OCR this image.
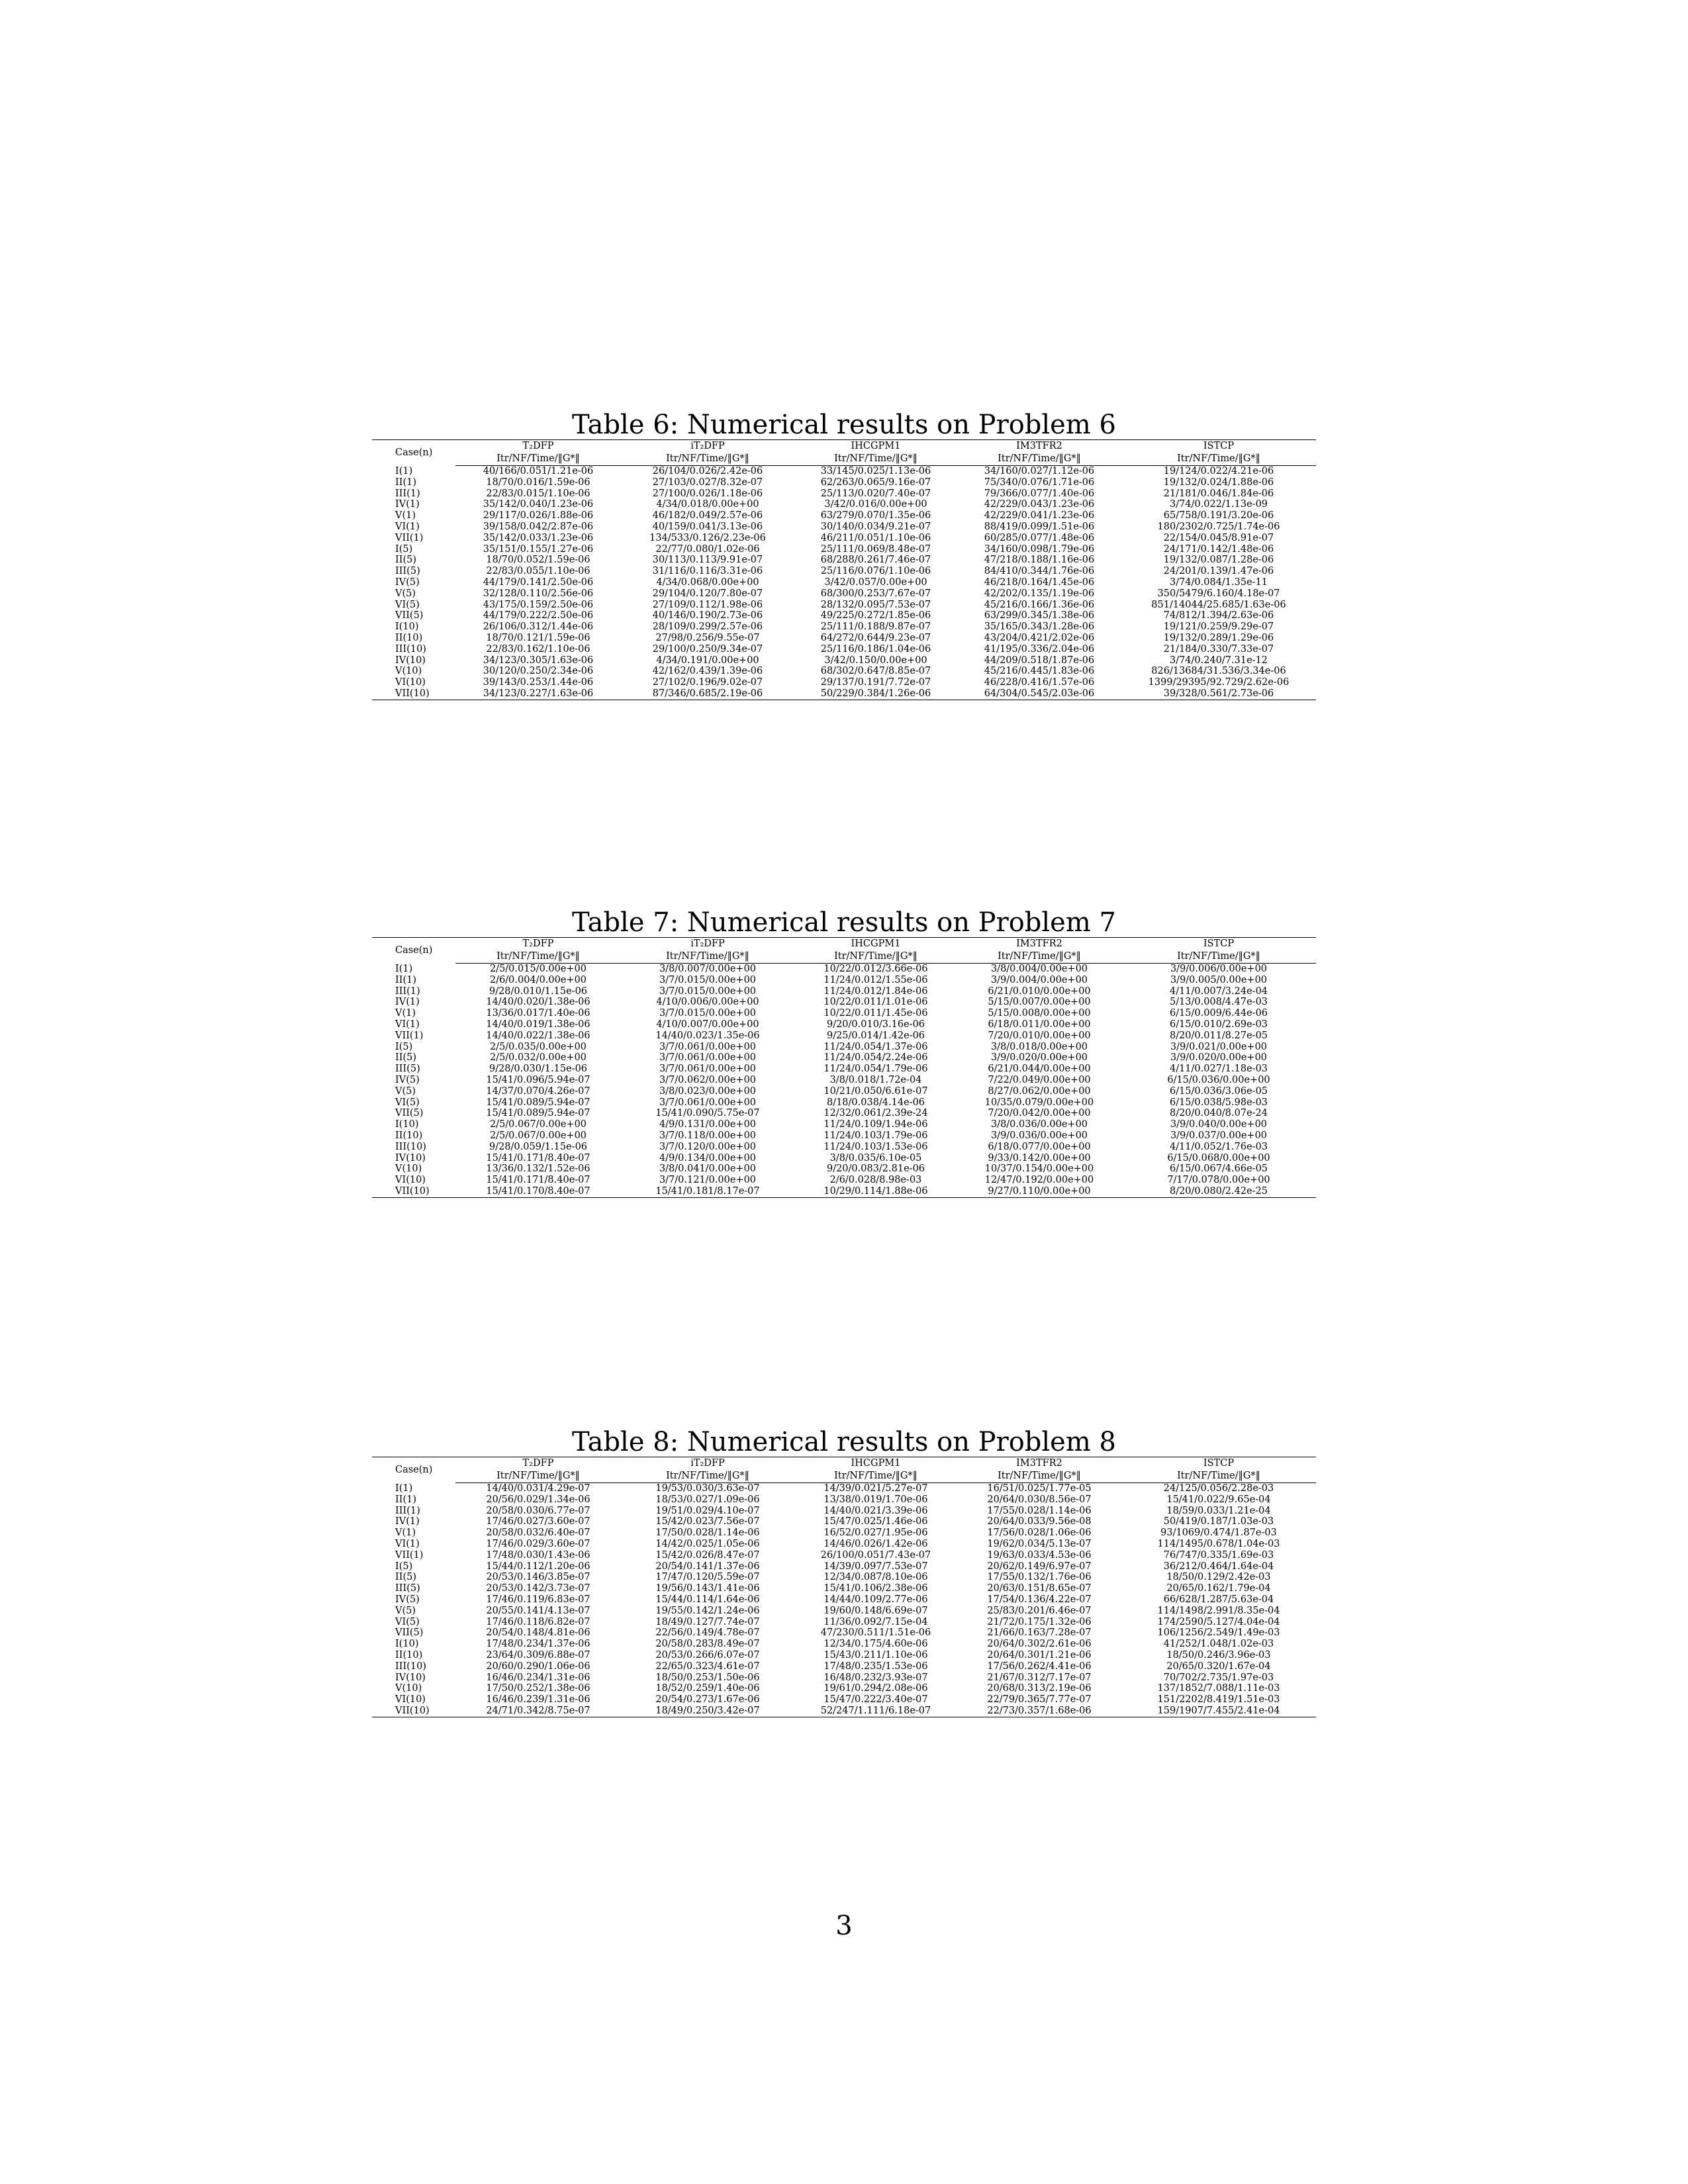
Table 6: Numerical results on Problem 6
Case(n)	T₂DFP	iT₂DFP	IHCGPM1	IM3TFR2	ISTCP
	Itr/NF/Time/‖G*‖	Itr/NF/Time/‖G*‖	Itr/NF/Time/‖G*‖	Itr/NF/Time/‖G*‖	Itr/NF/Time/‖G*‖
I(1)	40/166/0.051/1.21e-06	26/104/0.026/2.42e-06	33/145/0.025/1.13e-06	34/160/0.027/1.12e-06	19/124/0.022/4.21e-06
II(1)	18/70/0.016/1.59e-06	27/103/0.027/8.32e-07	62/263/0.065/9.16e-07	75/340/0.076/1.71e-06	19/132/0.024/1.88e-06
III(1)	22/83/0.015/1.10e-06	27/100/0.026/1.18e-06	25/113/0.020/7.40e-07	79/366/0.077/1.40e-06	21/181/0.046/1.84e-06
IV(1)	35/142/0.040/1.23e-06	4/34/0.018/0.00e+00	3/42/0.016/0.00e+00	42/229/0.043/1.23e-06	3/74/0.022/1.13e-09
V(1)	29/117/0.026/1.88e-06	46/182/0.049/2.57e-06	63/279/0.070/1.35e-06	42/229/0.041/1.23e-06	65/758/0.191/3.20e-06
VI(1)	39/158/0.042/2.87e-06	40/159/0.041/3.13e-06	30/140/0.034/9.21e-07	88/419/0.099/1.51e-06	180/2302/0.725/1.74e-06
VII(1)	35/142/0.033/1.23e-06	134/533/0.126/2.23e-06	46/211/0.051/1.10e-06	60/285/0.077/1.48e-06	22/154/0.045/8.91e-07
I(5)	35/151/0.155/1.27e-06	22/77/0.080/1.02e-06	25/111/0.069/8.48e-07	34/160/0.098/1.79e-06	24/171/0.142/1.48e-06
II(5)	18/70/0.052/1.59e-06	30/113/0.113/9.91e-07	68/288/0.261/7.46e-07	47/218/0.188/1.16e-06	19/132/0.087/1.28e-06
III(5)	22/83/0.055/1.10e-06	31/116/0.116/3.31e-06	25/116/0.076/1.10e-06	84/410/0.344/1.76e-06	24/201/0.139/1.47e-06
IV(5)	44/179/0.141/2.50e-06	4/34/0.068/0.00e+00	3/42/0.057/0.00e+00	46/218/0.164/1.45e-06	3/74/0.084/1.35e-11
V(5)	32/128/0.110/2.56e-06	29/104/0.120/7.80e-07	68/300/0.253/7.67e-07	42/202/0.135/1.19e-06	350/5479/6.160/4.18e-07
VI(5)	43/175/0.159/2.50e-06	27/109/0.112/1.98e-06	28/132/0.095/7.53e-07	45/216/0.166/1.36e-06	851/14044/25.685/1.63e-06
VII(5)	44/179/0.222/2.50e-06	40/146/0.190/2.73e-06	49/225/0.272/1.85e-06	63/299/0.345/1.38e-06	74/812/1.394/2.63e-06
I(10)	26/106/0.312/1.44e-06	28/109/0.299/2.57e-06	25/111/0.188/9.87e-07	35/165/0.343/1.28e-06	19/121/0.259/9.29e-07
II(10)	18/70/0.121/1.59e-06	27/98/0.256/9.55e-07	64/272/0.644/9.23e-07	43/204/0.421/2.02e-06	19/132/0.289/1.29e-06
III(10)	22/83/0.162/1.10e-06	29/100/0.250/9.34e-07	25/116/0.186/1.04e-06	41/195/0.336/2.04e-06	21/184/0.330/7.33e-07
IV(10)	34/123/0.305/1.63e-06	4/34/0.191/0.00e+00	3/42/0.150/0.00e+00	44/209/0.518/1.87e-06	3/74/0.240/7.31e-12
V(10)	30/120/0.250/2.34e-06	42/162/0.439/1.39e-06	68/302/0.647/8.85e-07	45/216/0.445/1.83e-06	826/13684/31.536/3.34e-06
VI(10)	39/143/0.253/1.44e-06	27/102/0.196/9.02e-07	29/137/0.191/7.72e-07	46/228/0.416/1.57e-06	1399/29395/92.729/2.62e-06
VII(10)	34/123/0.227/1.63e-06	87/346/0.685/2.19e-06	50/229/0.384/1.26e-06	64/304/0.545/2.03e-06	39/328/0.561/2.73e-06
Table 7: Numerical results on Problem 7
Case(n)	T₂DFP	iT₂DFP	IHCGPM1	IM3TFR2	ISTCP
	Itr/NF/Time/‖G*‖	Itr/NF/Time/‖G*‖	Itr/NF/Time/‖G*‖	Itr/NF/Time/‖G*‖	Itr/NF/Time/‖G*‖
I(1)	2/5/0.015/0.00e+00	3/8/0.007/0.00e+00	10/22/0.012/3.66e-06	3/8/0.004/0.00e+00	3/9/0.006/0.00e+00
II(1)	2/6/0.004/0.00e+00	3/7/0.015/0.00e+00	11/24/0.012/1.55e-06	3/9/0.004/0.00e+00	3/9/0.005/0.00e+00
III(1)	9/28/0.010/1.15e-06	3/7/0.015/0.00e+00	11/24/0.012/1.84e-06	6/21/0.010/0.00e+00	4/11/0.007/3.24e-04
IV(1)	14/40/0.020/1.38e-06	4/10/0.006/0.00e+00	10/22/0.011/1.01e-06	5/15/0.007/0.00e+00	5/13/0.008/4.47e-03
V(1)	13/36/0.017/1.40e-06	3/7/0.015/0.00e+00	10/22/0.011/1.45e-06	5/15/0.008/0.00e+00	6/15/0.009/6.44e-06
VI(1)	14/40/0.019/1.38e-06	4/10/0.007/0.00e+00	9/20/0.010/3.16e-06	6/18/0.011/0.00e+00	6/15/0.010/2.69e-03
VII(1)	14/40/0.022/1.38e-06	14/40/0.023/1.35e-06	9/25/0.014/1.42e-06	7/20/0.010/0.00e+00	8/20/0.011/8.27e-05
I(5)	2/5/0.035/0.00e+00	3/7/0.061/0.00e+00	11/24/0.054/1.37e-06	3/8/0.018/0.00e+00	3/9/0.021/0.00e+00
II(5)	2/5/0.032/0.00e+00	3/7/0.061/0.00e+00	11/24/0.054/2.24e-06	3/9/0.020/0.00e+00	3/9/0.020/0.00e+00
III(5)	9/28/0.030/1.15e-06	3/7/0.061/0.00e+00	11/24/0.054/1.79e-06	6/21/0.044/0.00e+00	4/11/0.027/1.18e-03
IV(5)	15/41/0.096/5.94e-07	3/7/0.062/0.00e+00	3/8/0.018/1.72e-04	7/22/0.049/0.00e+00	6/15/0.036/0.00e+00
V(5)	14/37/0.070/4.26e-07	3/8/0.023/0.00e+00	10/21/0.050/6.61e-07	8/27/0.062/0.00e+00	6/15/0.036/3.06e-05
VI(5)	15/41/0.089/5.94e-07	3/7/0.061/0.00e+00	8/18/0.038/4.14e-06	10/35/0.079/0.00e+00	6/15/0.038/5.98e-03
VII(5)	15/41/0.089/5.94e-07	15/41/0.090/5.75e-07	12/32/0.061/2.39e-24	7/20/0.042/0.00e+00	8/20/0.040/8.07e-24
I(10)	2/5/0.067/0.00e+00	4/9/0.131/0.00e+00	11/24/0.109/1.94e-06	3/8/0.036/0.00e+00	3/9/0.040/0.00e+00
II(10)	2/5/0.067/0.00e+00	3/7/0.118/0.00e+00	11/24/0.103/1.79e-06	3/9/0.036/0.00e+00	3/9/0.037/0.00e+00
III(10)	9/28/0.059/1.15e-06	3/7/0.120/0.00e+00	11/24/0.103/1.53e-06	6/18/0.077/0.00e+00	4/11/0.052/1.76e-03
IV(10)	15/41/0.171/8.40e-07	4/9/0.134/0.00e+00	3/8/0.035/6.10e-05	9/33/0.142/0.00e+00	6/15/0.068/0.00e+00
V(10)	13/36/0.132/1.52e-06	3/8/0.041/0.00e+00	9/20/0.083/2.81e-06	10/37/0.154/0.00e+00	6/15/0.067/4.66e-05
VI(10)	15/41/0.171/8.40e-07	3/7/0.121/0.00e+00	2/6/0.028/8.98e-03	12/47/0.192/0.00e+00	7/17/0.078/0.00e+00
VII(10)	15/41/0.170/8.40e-07	15/41/0.181/8.17e-07	10/29/0.114/1.88e-06	9/27/0.110/0.00e+00	8/20/0.080/2.42e-25
Table 8: Numerical results on Problem 8
Case(n)	T₂DFP	iT₂DFP	IHCGPM1	IM3TFR2	ISTCP
	Itr/NF/Time/‖G*‖	Itr/NF/Time/‖G*‖	Itr/NF/Time/‖G*‖	Itr/NF/Time/‖G*‖	Itr/NF/Time/‖G*‖
I(1)	14/40/0.031/4.29e-07	19/53/0.030/3.63e-07	14/39/0.021/5.27e-07	16/51/0.025/1.77e-05	24/125/0.056/2.28e-03
II(1)	20/56/0.029/1.34e-06	18/53/0.027/1.09e-06	13/38/0.019/1.70e-06	20/64/0.030/8.56e-07	15/41/0.022/9.65e-04
III(1)	20/58/0.030/6.77e-07	19/51/0.029/4.10e-07	14/40/0.021/3.39e-06	17/55/0.028/1.14e-06	18/59/0.033/1.21e-04
IV(1)	17/46/0.027/3.60e-07	15/42/0.023/7.56e-07	15/47/0.025/1.46e-06	20/64/0.033/9.56e-08	50/419/0.187/1.03e-03
V(1)	20/58/0.032/6.40e-07	17/50/0.028/1.14e-06	16/52/0.027/1.95e-06	17/56/0.028/1.06e-06	93/1069/0.474/1.87e-03
VI(1)	17/46/0.029/3.60e-07	14/42/0.025/1.05e-06	14/46/0.026/1.42e-06	19/62/0.034/5.13e-07	114/1495/0.678/1.04e-03
VII(1)	17/48/0.030/1.43e-06	15/42/0.026/8.47e-07	26/100/0.051/7.43e-07	19/63/0.033/4.53e-06	76/747/0.335/1.69e-03
I(5)	15/44/0.112/1.20e-06	20/54/0.141/1.37e-06	14/39/0.097/7.53e-07	20/62/0.149/6.97e-07	36/212/0.464/1.64e-04
II(5)	20/53/0.146/3.85e-07	17/47/0.120/5.59e-07	12/34/0.087/8.10e-06	17/55/0.132/1.76e-06	18/50/0.129/2.42e-03
III(5)	20/53/0.142/3.73e-07	19/56/0.143/1.41e-06	15/41/0.106/2.38e-06	20/63/0.151/8.65e-07	20/65/0.162/1.79e-04
IV(5)	17/46/0.119/6.83e-07	15/44/0.114/1.64e-06	14/44/0.109/2.77e-06	17/54/0.136/4.22e-07	66/628/1.287/5.63e-04
V(5)	20/55/0.141/4.13e-07	19/55/0.142/1.24e-06	19/60/0.148/6.69e-07	25/83/0.201/6.46e-07	114/1498/2.991/8.35e-04
VI(5)	17/46/0.118/6.82e-07	18/49/0.127/7.74e-07	11/36/0.092/7.15e-04	21/72/0.175/1.32e-06	174/2590/5.127/4.04e-04
VII(5)	20/54/0.148/4.81e-06	22/56/0.149/4.78e-07	47/230/0.511/1.51e-06	21/66/0.163/7.28e-07	106/1256/2.549/1.49e-03
I(10)	17/48/0.234/1.37e-06	20/58/0.283/8.49e-07	12/34/0.175/4.60e-06	20/64/0.302/2.61e-06	41/252/1.048/1.02e-03
II(10)	23/64/0.309/6.88e-07	20/53/0.266/6.07e-07	15/43/0.211/1.10e-06	20/64/0.301/1.21e-06	18/50/0.246/3.96e-03
III(10)	20/60/0.290/1.06e-06	22/65/0.323/4.61e-07	17/48/0.235/1.53e-06	17/56/0.262/4.41e-06	20/65/0.320/1.67e-04
IV(10)	16/46/0.234/1.31e-06	18/50/0.253/1.50e-06	16/48/0.232/3.93e-07	21/67/0.312/7.17e-07	70/702/2.735/1.97e-03
V(10)	17/50/0.252/1.38e-06	18/52/0.259/1.40e-06	19/61/0.294/2.08e-06	20/68/0.313/2.19e-06	137/1852/7.088/1.11e-03
VI(10)	16/46/0.239/1.31e-06	20/54/0.273/1.67e-06	15/47/0.222/3.40e-07	22/79/0.365/7.77e-07	151/2202/8.419/1.51e-03
VII(10)	24/71/0.342/8.75e-07	18/49/0.250/3.42e-07	52/247/1.111/6.18e-07	22/73/0.357/1.68e-06	159/1907/7.455/2.41e-04
3
